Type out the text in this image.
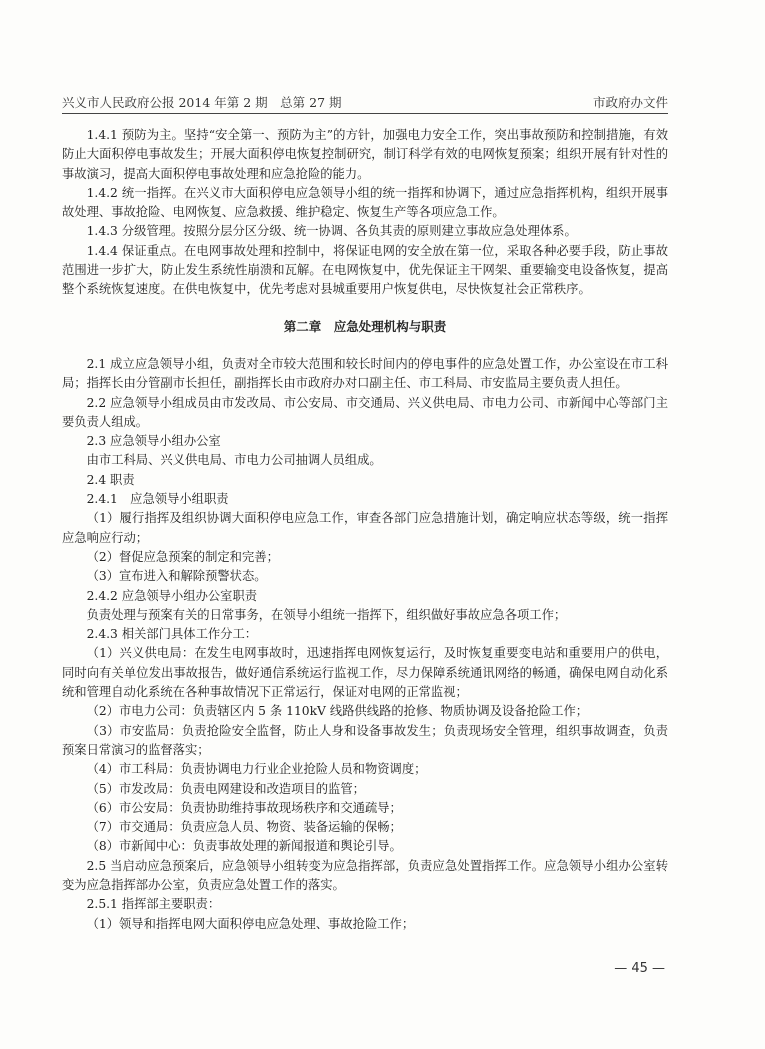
兴义市人民政府公报 2014 年第 2 期　总第 27 期	市政府办文件

1.4.1 预防为主。坚持“安全第一、预防为主”的方针，加强电力安全工作，突出事故预防和控制措施，有效防止大面积停电事故发生；开展大面积停电恢复控制研究，制订科学有效的电网恢复预案；组织开展有针对性的事故演习，提高大面积停电事故处理和应急抢险的能力。

1.4.2 统一指挥。在兴义市大面积停电应急领导小组的统一指挥和协调下，通过应急指挥机构，组织开展事故处理、事故抢险、电网恢复、应急救援、维护稳定、恢复生产等各项应急工作。

1.4.3 分级管理。按照分层分区分级、统一协调、各负其责的原则建立事故应急处理体系。

1.4.4 保证重点。在电网事故处理和控制中，将保证电网的安全放在第一位，采取各种必要手段，防止事故范围进一步扩大，防止发生系统性崩溃和瓦解。在电网恢复中，优先保证主干网架、重要输变电设备恢复，提高整个系统恢复速度。在供电恢复中，优先考虑对县城重要用户恢复供电，尽快恢复社会正常秩序。

第二章　应急处理机构与职责

2.1 成立应急领导小组，负责对全市较大范围和较长时间内的停电事件的应急处置工作，办公室设在市工科局；指挥长由分管副市长担任，副指挥长由市政府办对口副主任、市工科局、市安监局主要负责人担任。

2.2 应急领导小组成员由市发改局、市公安局、市交通局、兴义供电局、市电力公司、市新闻中心等部门主要负责人组成。

2.3 应急领导小组办公室

由市工科局、兴义供电局、市电力公司抽调人员组成。

2.4 职责

2.4.1　应急领导小组职责

（1）履行指挥及组织协调大面积停电应急工作，审查各部门应急措施计划，确定响应状态等级，统一指挥应急响应行动；

（2）督促应急预案的制定和完善；

（3）宣布进入和解除预警状态。

2.4.2 应急领导小组办公室职责

负责处理与预案有关的日常事务，在领导小组统一指挥下，组织做好事故应急各项工作；

2.4.3 相关部门具体工作分工：

（1）兴义供电局：在发生电网事故时，迅速指挥电网恢复运行，及时恢复重要变电站和重要用户的供电，同时向有关单位发出事故报告，做好通信系统运行监视工作，尽力保障系统通讯网络的畅通，确保电网自动化系统和管理自动化系统在各种事故情况下正常运行，保证对电网的正常监视；

（2）市电力公司：负责辖区内 5 条 110kV 线路供线路的抢修、物质协调及设备抢险工作；

（3）市安监局：负责抢险安全监督，防止人身和设备事故发生；负责现场安全管理，组织事故调查，负责预案日常演习的监督落实；

（4）市工科局：负责协调电力行业企业抢险人员和物资调度；

（5）市发改局：负责电网建设和改造项目的监管；

（6）市公安局：负责协助维持事故现场秩序和交通疏导；

（7）市交通局：负责应急人员、物资、装备运输的保畅；

（8）市新闻中心：负责事故处理的新闻报道和舆论引导。

2.5 当启动应急预案后，应急领导小组转变为应急指挥部，负责应急处置指挥工作。应急领导小组办公室转变为应急指挥部办公室，负责应急处置工作的落实。

2.5.1 指挥部主要职责：

（1）领导和指挥电网大面积停电应急处理、事故抢险工作；

— 45 —
